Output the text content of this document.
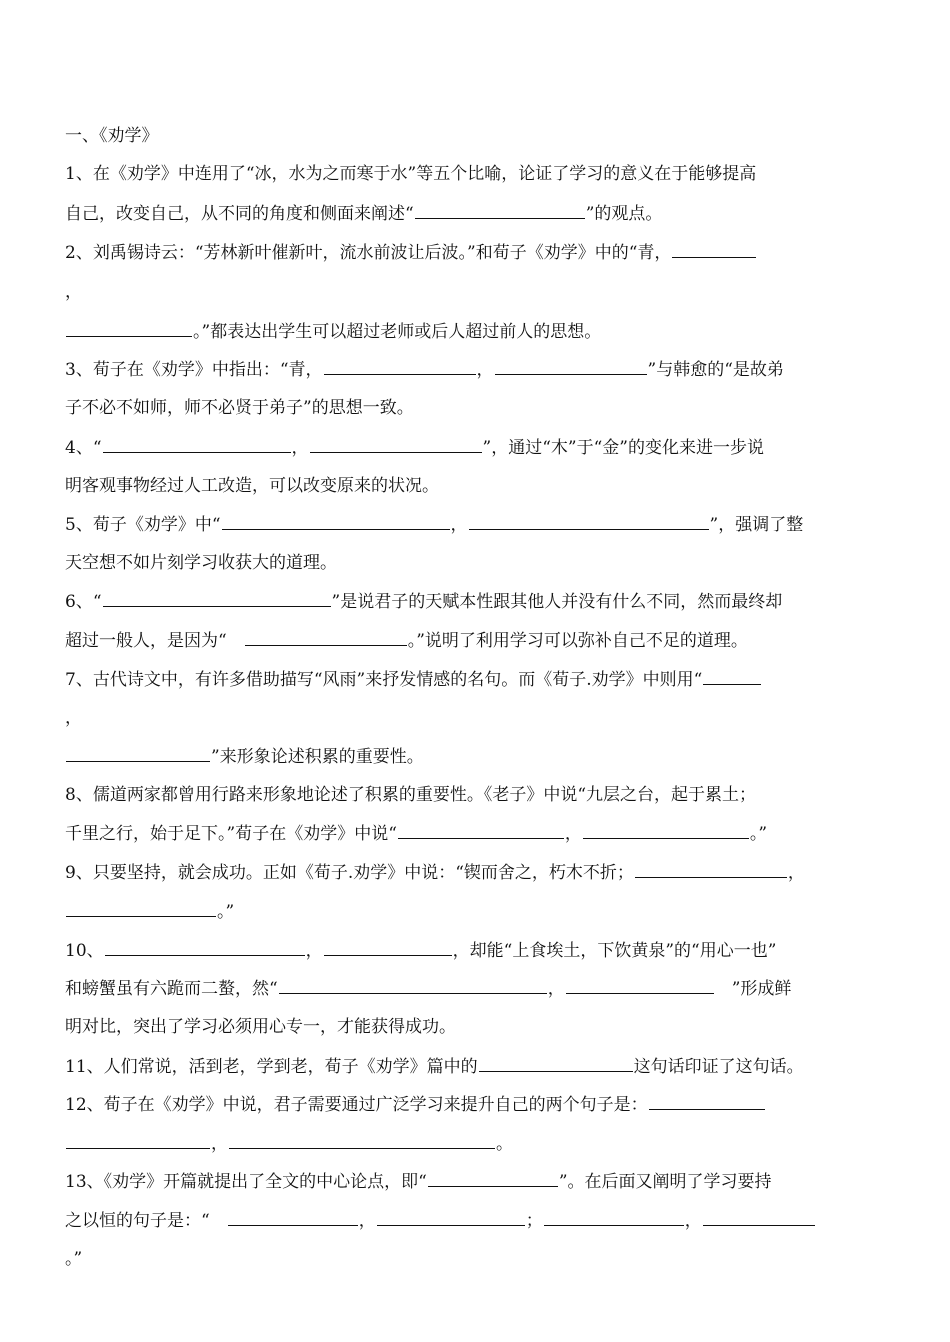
一、《劝学》
1、在《劝学》中连用了“冰，水为之而寒于水”等五个比喻，论证了学习的意义在于能够提高
自己，改变自己，从不同的角度和侧面来阐述“	”的观点。
2、刘禹锡诗云：“芳林新叶催新叶，流水前波让后波。”和荀子《劝学》中的“青，
，
。”都表达出学生可以超过老师或后人超过前人的思想。
3、荀子在《劝学》中指出：“青，	，	”与韩愈的“是故弟
子不必不如师，师不必贤于弟子”的思想一致。
4、“	，	”，通过“木”于“金”的变化来进一步说
明客观事物经过人工改造，可以改变原来的状况。
5、荀子《劝学》中“	，	”，强调了整
天空想不如片刻学习收获大的道理。
6、“	”是说君子的天赋本性跟其他人并没有什么不同，然而最终却
超过一般人，是因为“　	。”说明了利用学习可以弥补自己不足的道理。
7、古代诗文中，有许多借助描写“风雨”来抒发情感的名句。而《荀子.劝学》中则用“
，
”来形象论述积累的重要性。
8、儒道两家都曾用行路来形象地论述了积累的重要性。《老子》中说“九层之台，起于累土；
千里之行，始于足下。”荀子在《劝学》中说“	，	。”
9、只要坚持，就会成功。正如《荀子.劝学》中说：“锲而舍之，朽木不折；	，
。”
10、	，	，却能“上食埃土，下饮黄泉”的“用心一也”
和螃蟹虽有六跪而二螯，然“	，	　”形成鲜
明对比，突出了学习必须用心专一，才能获得成功。
11、人们常说，活到老，学到老，荀子《劝学》篇中的	这句话印证了这句话。
12、荀子在《劝学》中说，君子需要通过广泛学习来提升自己的两个句子是：
，	。
13、《劝学》开篇就提出了全文的中心论点，即“	”。在后面又阐明了学习要持
之以恒的句子是：“　	，	；	，
。”
